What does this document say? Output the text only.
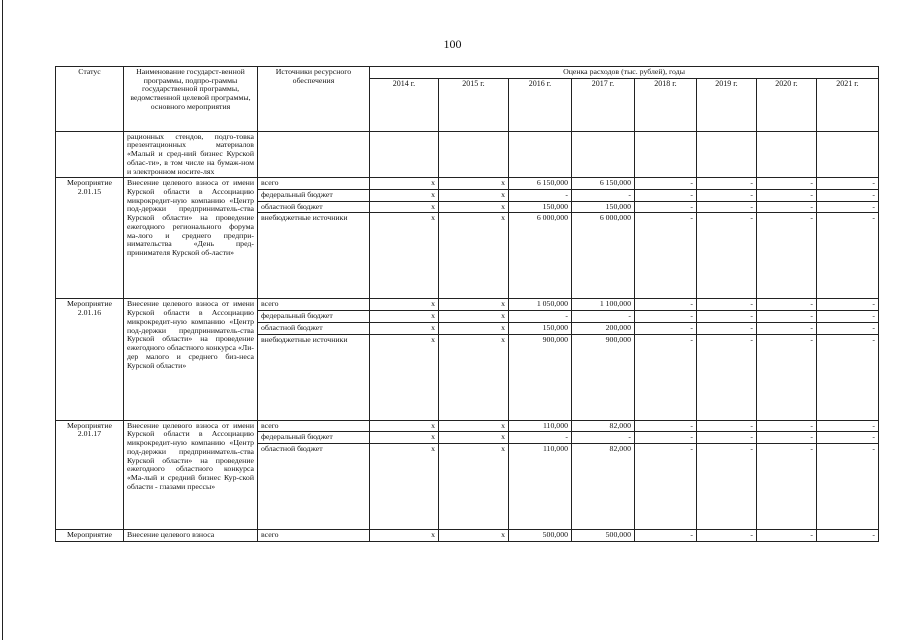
100
Статус	Наименование государст-венной программы, подпро-граммы государственной программы, ведомственной целевой программы, основного мероприятия	Источники ресурсного обеспечения	Оценка расходов (тыс. рублей), годы							
			2014 г.	2015 г.	2016 г.	2017 г.	2018 г.	2019 г.	2020 г.	2021 г.
	рационных стендов, подго-товка презентационных материалов «Малый и сред-ний бизнес Курской облас-ти», в том числе на бумаж-ном и электронном носите-лях									
Мероприятие 2.01.15	Внесение целевого взноса от имени Курской области в Ассоциацию микрокредит-ную компанию «Центр под-держки предприниматель-ства Курской области» на проведение ежегодного регионального форума ма-лого и среднего предпри-нимательства «День пред-принимателя Курской об-ласти»	всего	x	x	6 150,000	6 150,000	-	-	-	-
		федеральный бюджет	x	x	-	-	-	-	-	-
		областной бюджет	x	x	150,000	150,000	-	-	-	-
		внебюджетные источники	x	x	6 000,000	6 000,000	-	-	-	-
Мероприятие 2.01.16	Внесение целевого взноса от имени Курской области в Ассоциацию микрокредит-ную компанию «Центр под-держки предприниматель-ства Курской области» на проведение ежегодного областного конкурса «Ли-дер малого и среднего биз-неса Курской области»	всего	x	x	1 050,000	1 100,000	-	-	-	-
		федеральный бюджет	x	x	-	-	-	-	-	-
		областной бюджет	x	x	150,000	200,000	-	-	-	-
		внебюджетные источники	x	x	900,000	900,000	-	-	-	-
Мероприятие 2.01.17	Внесение целевого взноса от имени Курской области в Ассоциацию микрокредит-ную компанию «Центр под-держки предприниматель-ства Курской области» на проведение ежегодного областного конкурса «Ма-лый и средний бизнес Кур-ской области - глазами прессы»	всего	x	x	110,000	82,000	-	-	-	-
		федеральный бюджет	x	x	-	-	-	-	-	-
		областной бюджет	x	x	110,000	82,000	-	-	-	-
Мероприятие	Внесение целевого взноса	всего	x	x	500,000	500,000	-	-	-	-
